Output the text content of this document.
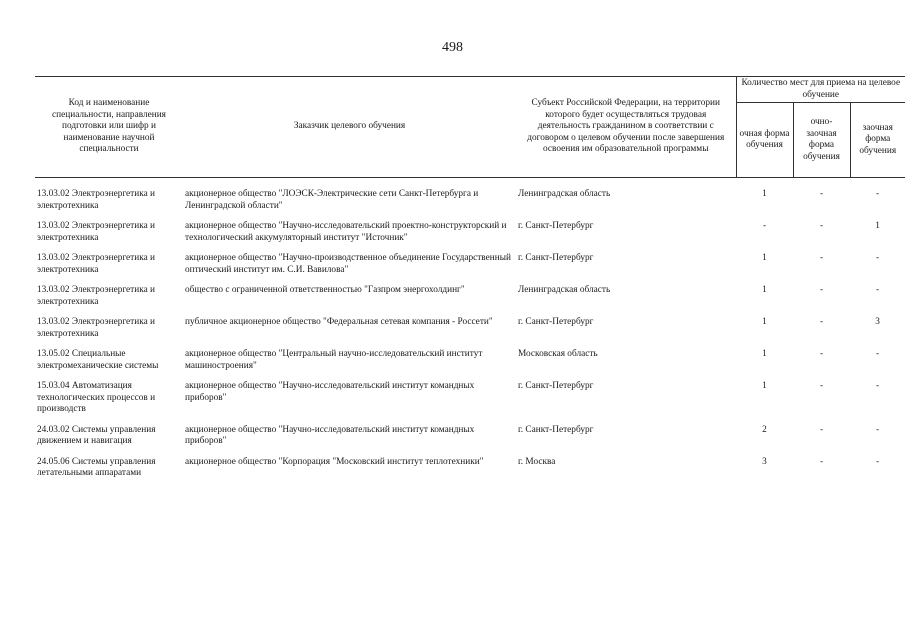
498
Код и наименование специальности, направления подготовки или шифр и наименование научной специальности	Заказчик целевого обучения	Субъект Российской Федерации, на территории которого будет осуществляться трудовая деятельность гражданином в соответствии с договором о целевом обучении после завершения освоения им образовательной программы	Количество мест для приема на целевое обучение		
			очная форма обучения	очно-заочная форма обучения	заочная форма обучения

13.03.02 Электроэнергетика и электротехника	акционерное общество "ЛОЭСК-Электрические сети Санкт-Петербурга и Ленинградской области"	Ленинградская область	1	-	-
13.03.02 Электроэнергетика и электротехника	акционерное общество "Научно-исследовательский проектно-конструкторский и технологический аккумуляторный институт "Источник"	г. Санкт-Петербург	-	-	1
13.03.02 Электроэнергетика и электротехника	акционерное общество "Научно-производственное объединение Государственный оптический институт им. С.И. Вавилова"	г. Санкт-Петербург	1	-	-
13.03.02 Электроэнергетика и электротехника	общество с ограниченной ответственностью "Газпром энергохолдинг"	Ленинградская область	1	-	-
13.03.02 Электроэнергетика и электротехника	публичное акционерное общество "Федеральная сетевая компания - Россети"	г. Санкт-Петербург	1	-	3
13.05.02 Специальные электромеханические системы	акционерное общество "Центральный научно-исследовательский институт машиностроения"	Московская область	1	-	-
15.03.04 Автоматизация технологических процессов и производств	акционерное общество "Научно-исследовательский институт командных приборов"	г. Санкт-Петербург	1	-	-
24.03.02 Системы управления движением и навигация	акционерное общество "Научно-исследовательский институт командных приборов"	г. Санкт-Петербург	2	-	-
24.05.06 Системы управления летательными аппаратами	акционерное общество "Корпорация "Московский институт теплотехники"	г. Москва	3	-	-
